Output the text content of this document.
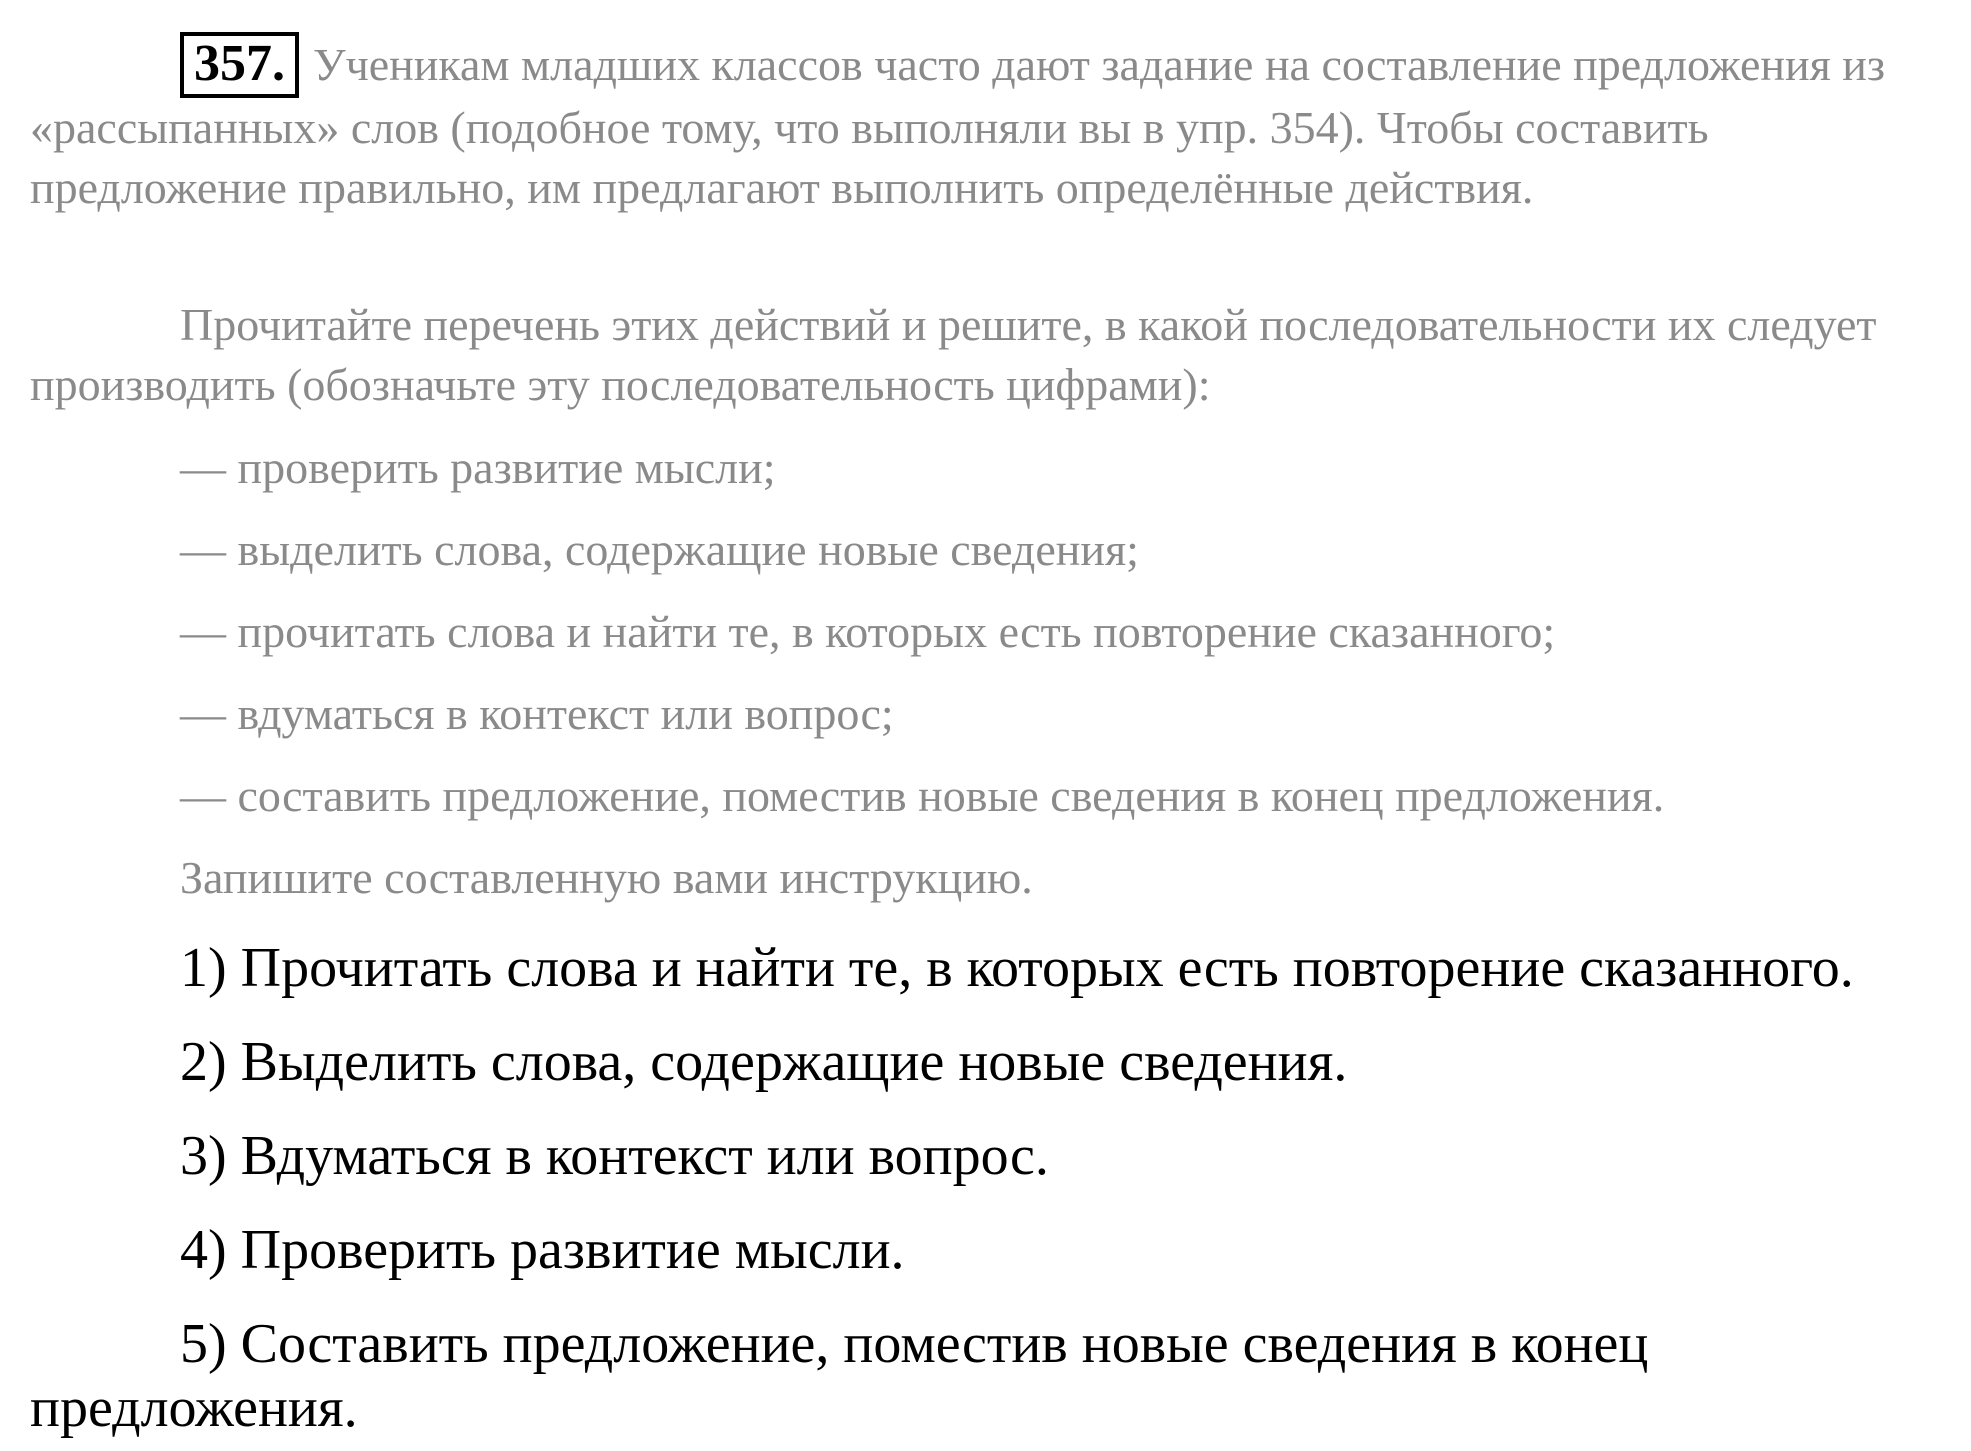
357. Ученикам младших классов часто дают задание на составление предложения из «рассыпанных» слов (подобное тому, что выполняли вы в упр. 354). Чтобы составить предложение правильно, им предлагают выполнить определённые действия.

Прочитайте перечень этих действий и решите, в какой последовательности их следует производить (обозначьте эту последовательность цифрами):

— проверить развитие мысли;

— выделить слова, содержащие новые сведения;

— прочитать слова и найти те, в которых есть повторение сказанного;

— вдуматься в контекст или вопрос;

— составить предложение, поместив новые сведения в конец предложения.

Запишите составленную вами инструкцию.

1) Прочитать слова и найти те, в которых есть повторение сказанного.

2) Выделить слова, содержащие новые сведения.

3) Вдуматься в контекст или вопрос.

4) Проверить развитие мысли.

5) Составить предложение, поместив новые сведения в конец предложения.
